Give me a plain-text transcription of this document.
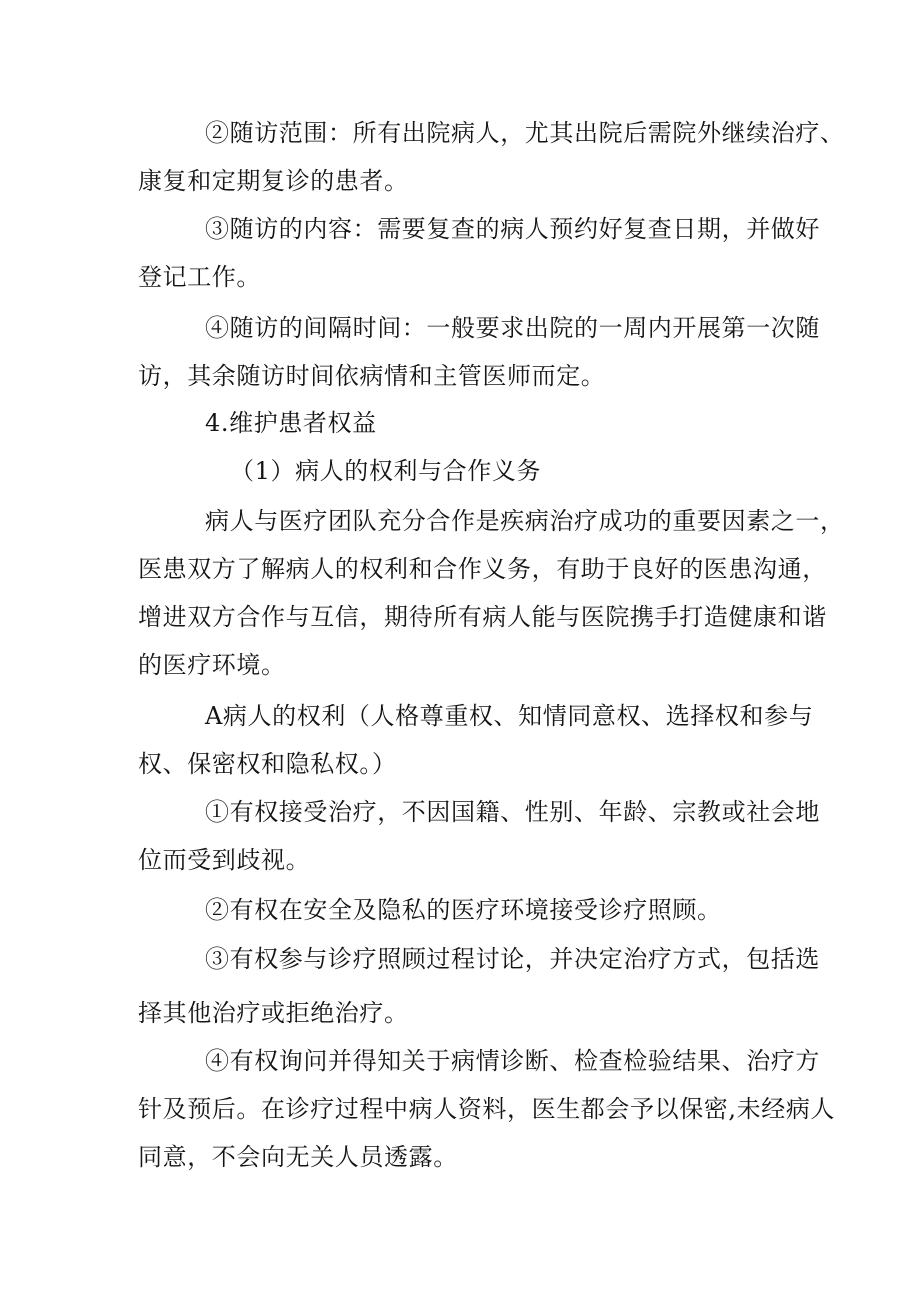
②随访范围：所有出院病人，尤其出院后需院外继续治疗、
康复和定期复诊的患者。
③随访的内容：需要复查的病人预约好复查日期，并做好
登记工作。
④随访的间隔时间：一般要求出院的一周内开展第一次随
访，其余随访时间依病情和主管医师而定。
4.维护患者权益
（1）病人的权利与合作义务
病人与医疗团队充分合作是疾病治疗成功的重要因素之一，
医患双方了解病人的权利和合作义务，有助于良好的医患沟通，
增进双方合作与互信，期待所有病人能与医院携手打造健康和谐
的医疗环境。
A病人的权利（人格尊重权、知情同意权、选择权和参与
权、保密权和隐私权。）
①有权接受治疗，不因国籍、性别、年龄、宗教或社会地
位而受到歧视。
②有权在安全及隐私的医疗环境接受诊疗照顾。
③有权参与诊疗照顾过程讨论，并决定治疗方式，包括选
择其他治疗或拒绝治疗。
④有权询问并得知关于病情诊断、检查检验结果、治疗方
针及预后。在诊疗过程中病人资料，医生都会予以保密,未经病人
同意，不会向无关人员透露。
